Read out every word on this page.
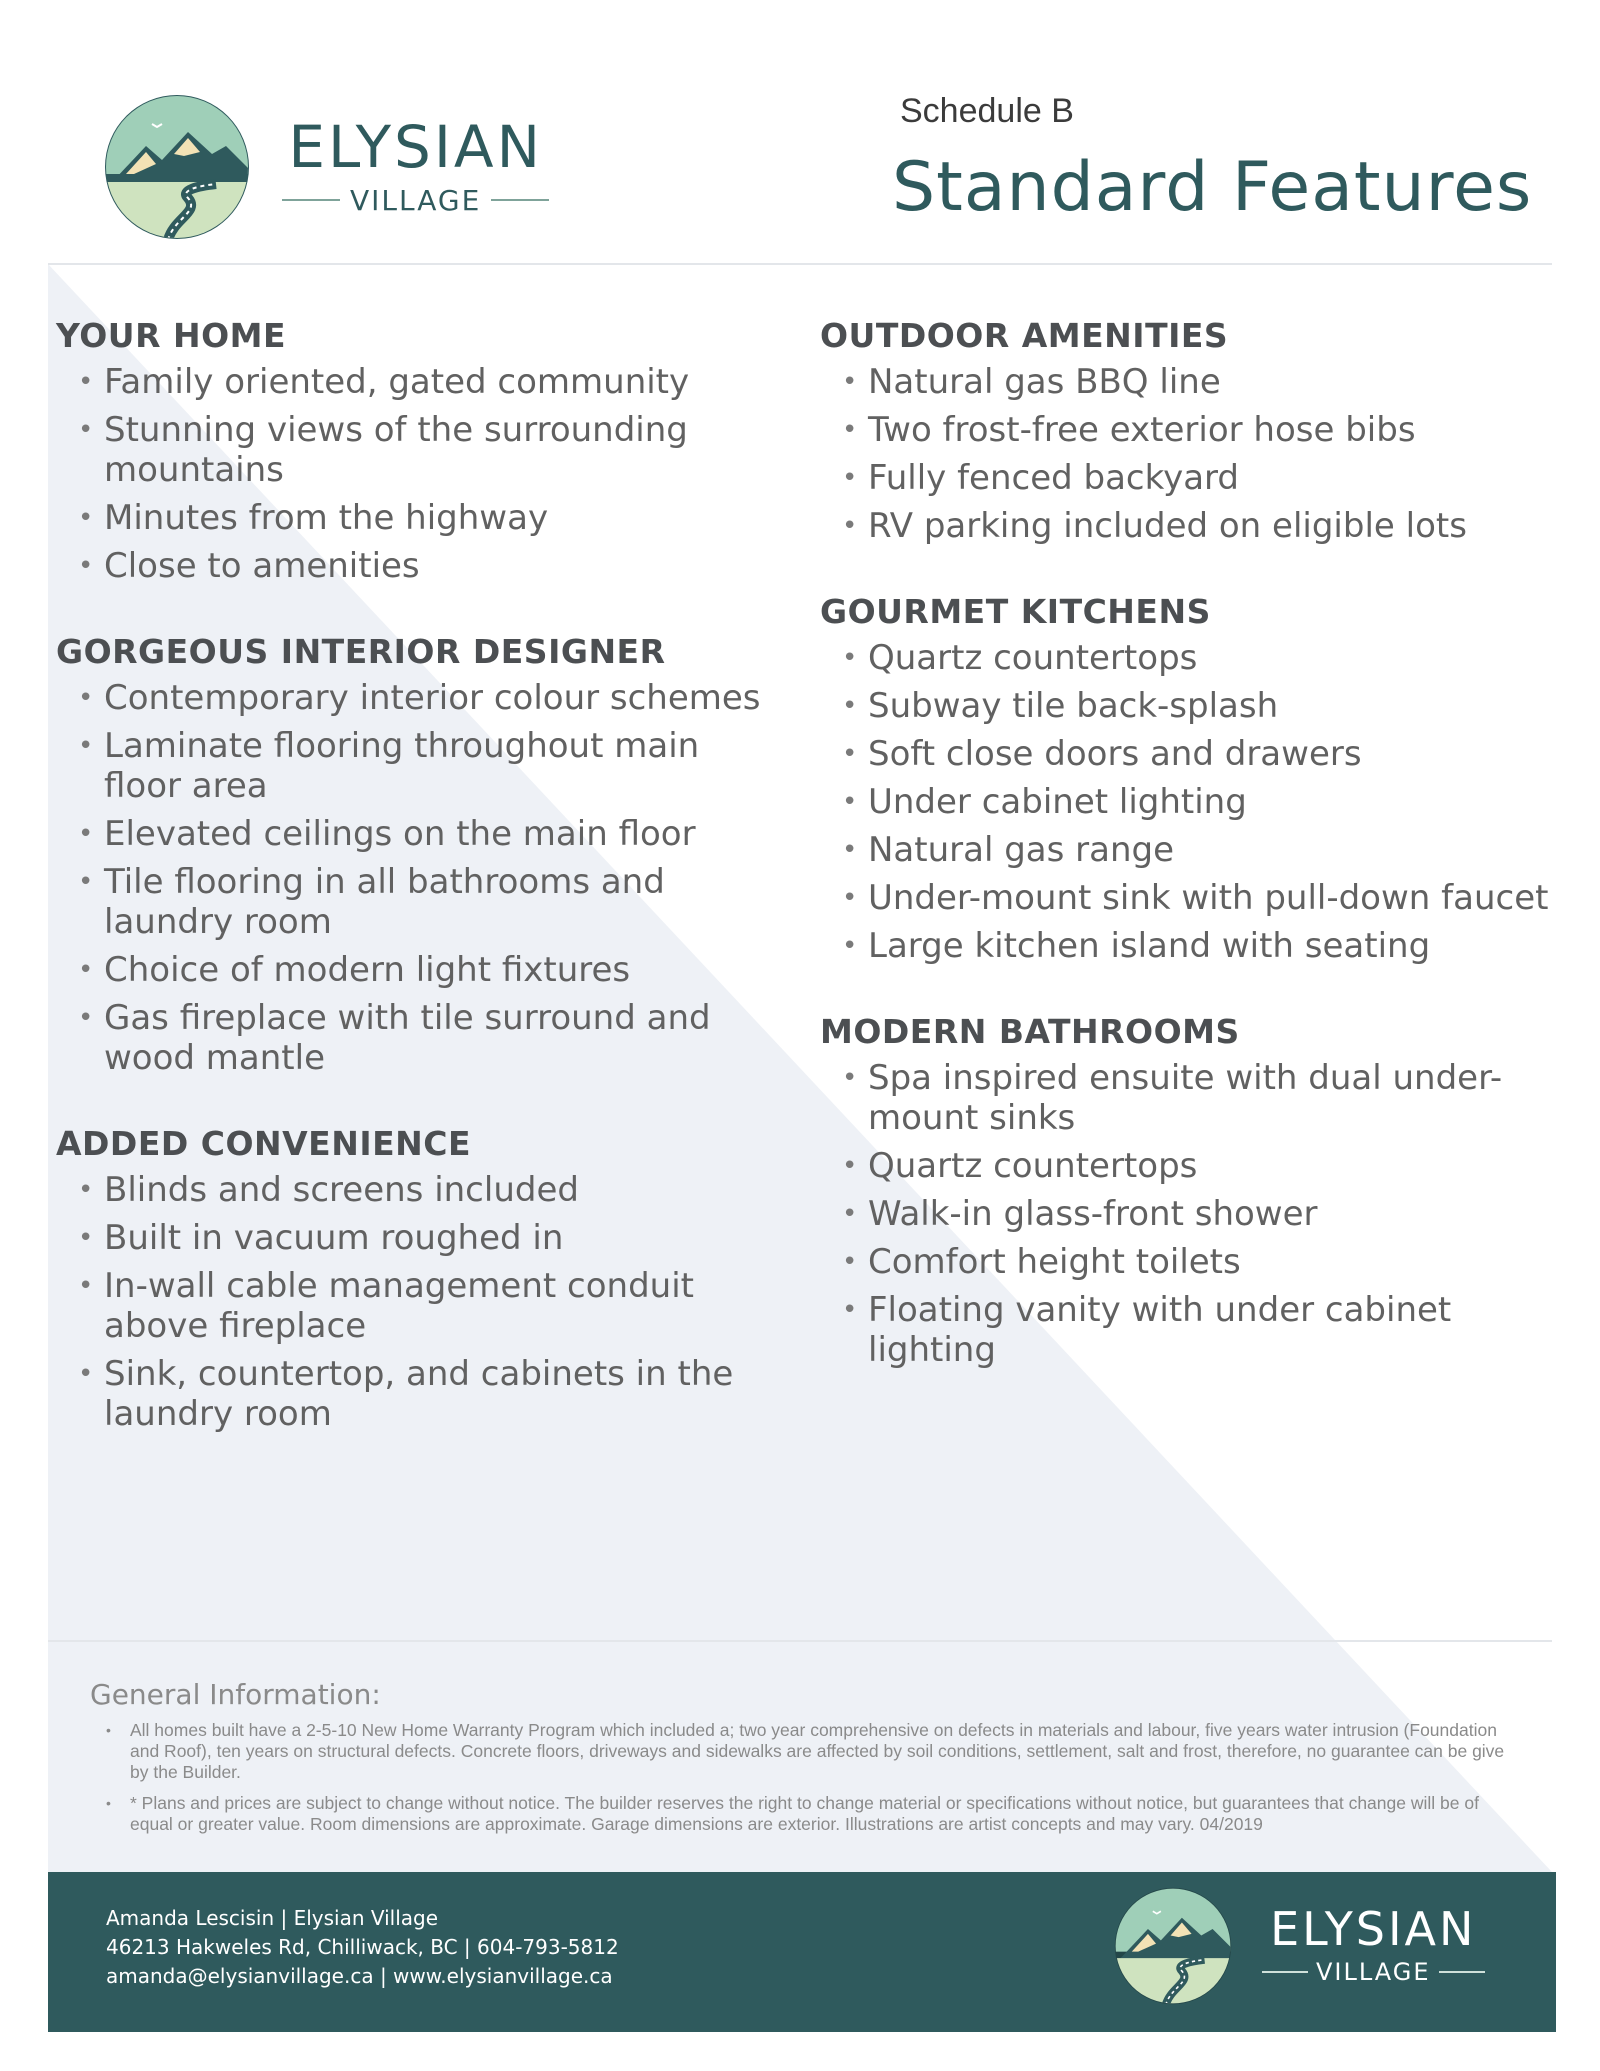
ELYSIAN
VILLAGE
Schedule B
Standard Features
YOUR HOME
• Family oriented, gated community
• Stunning views of the surrounding mountains
• Minutes from the highway
• Close to amenities
GORGEOUS INTERIOR DESIGNER
• Contemporary interior colour schemes
• Laminate flooring throughout main floor area
• Elevated ceilings on the main floor
• Tile flooring in all bathrooms and laundry room
• Choice of modern light fixtures
• Gas fireplace with tile surround and wood mantle
ADDED CONVENIENCE
• Blinds and screens included
• Built in vacuum roughed in
• In-wall cable management conduit above fireplace
• Sink, countertop, and cabinets in the laundry room
OUTDOOR AMENITIES
• Natural gas BBQ line
• Two frost-free exterior hose bibs
• Fully fenced backyard
• RV parking included on eligible lots
GOURMET KITCHENS
• Quartz countertops
• Subway tile back-splash
• Soft close doors and drawers
• Under cabinet lighting
• Natural gas range
• Under-mount sink with pull-down faucet
• Large kitchen island with seating
MODERN BATHROOMS
• Spa inspired ensuite with dual under-mount sinks
• Quartz countertops
• Walk-in glass-front shower
• Comfort height toilets
• Floating vanity with under cabinet lighting
General Information:
• All homes built have a 2-5-10 New Home Warranty Program which included a; two year comprehensive on defects in materials and labour, five years water intrusion (Foundation and Roof), ten years on structural defects. Concrete floors, driveways and sidewalks are affected by soil conditions, settlement, salt and frost, therefore, no guarantee can be give by the Builder.
• * Plans and prices are subject to change without notice. The builder reserves the right to change material or specifications without notice, but guarantees that change will be of equal or greater value. Room dimensions are approximate. Garage dimensions are exterior. Illustrations are artist concepts and may vary. 04/2019
Amanda Lescisin | Elysian Village
46213 Hakweles Rd, Chilliwack, BC | 604-793-5812
amanda@elysianvillage.ca | www.elysianvillage.ca
ELYSIAN
VILLAGE
